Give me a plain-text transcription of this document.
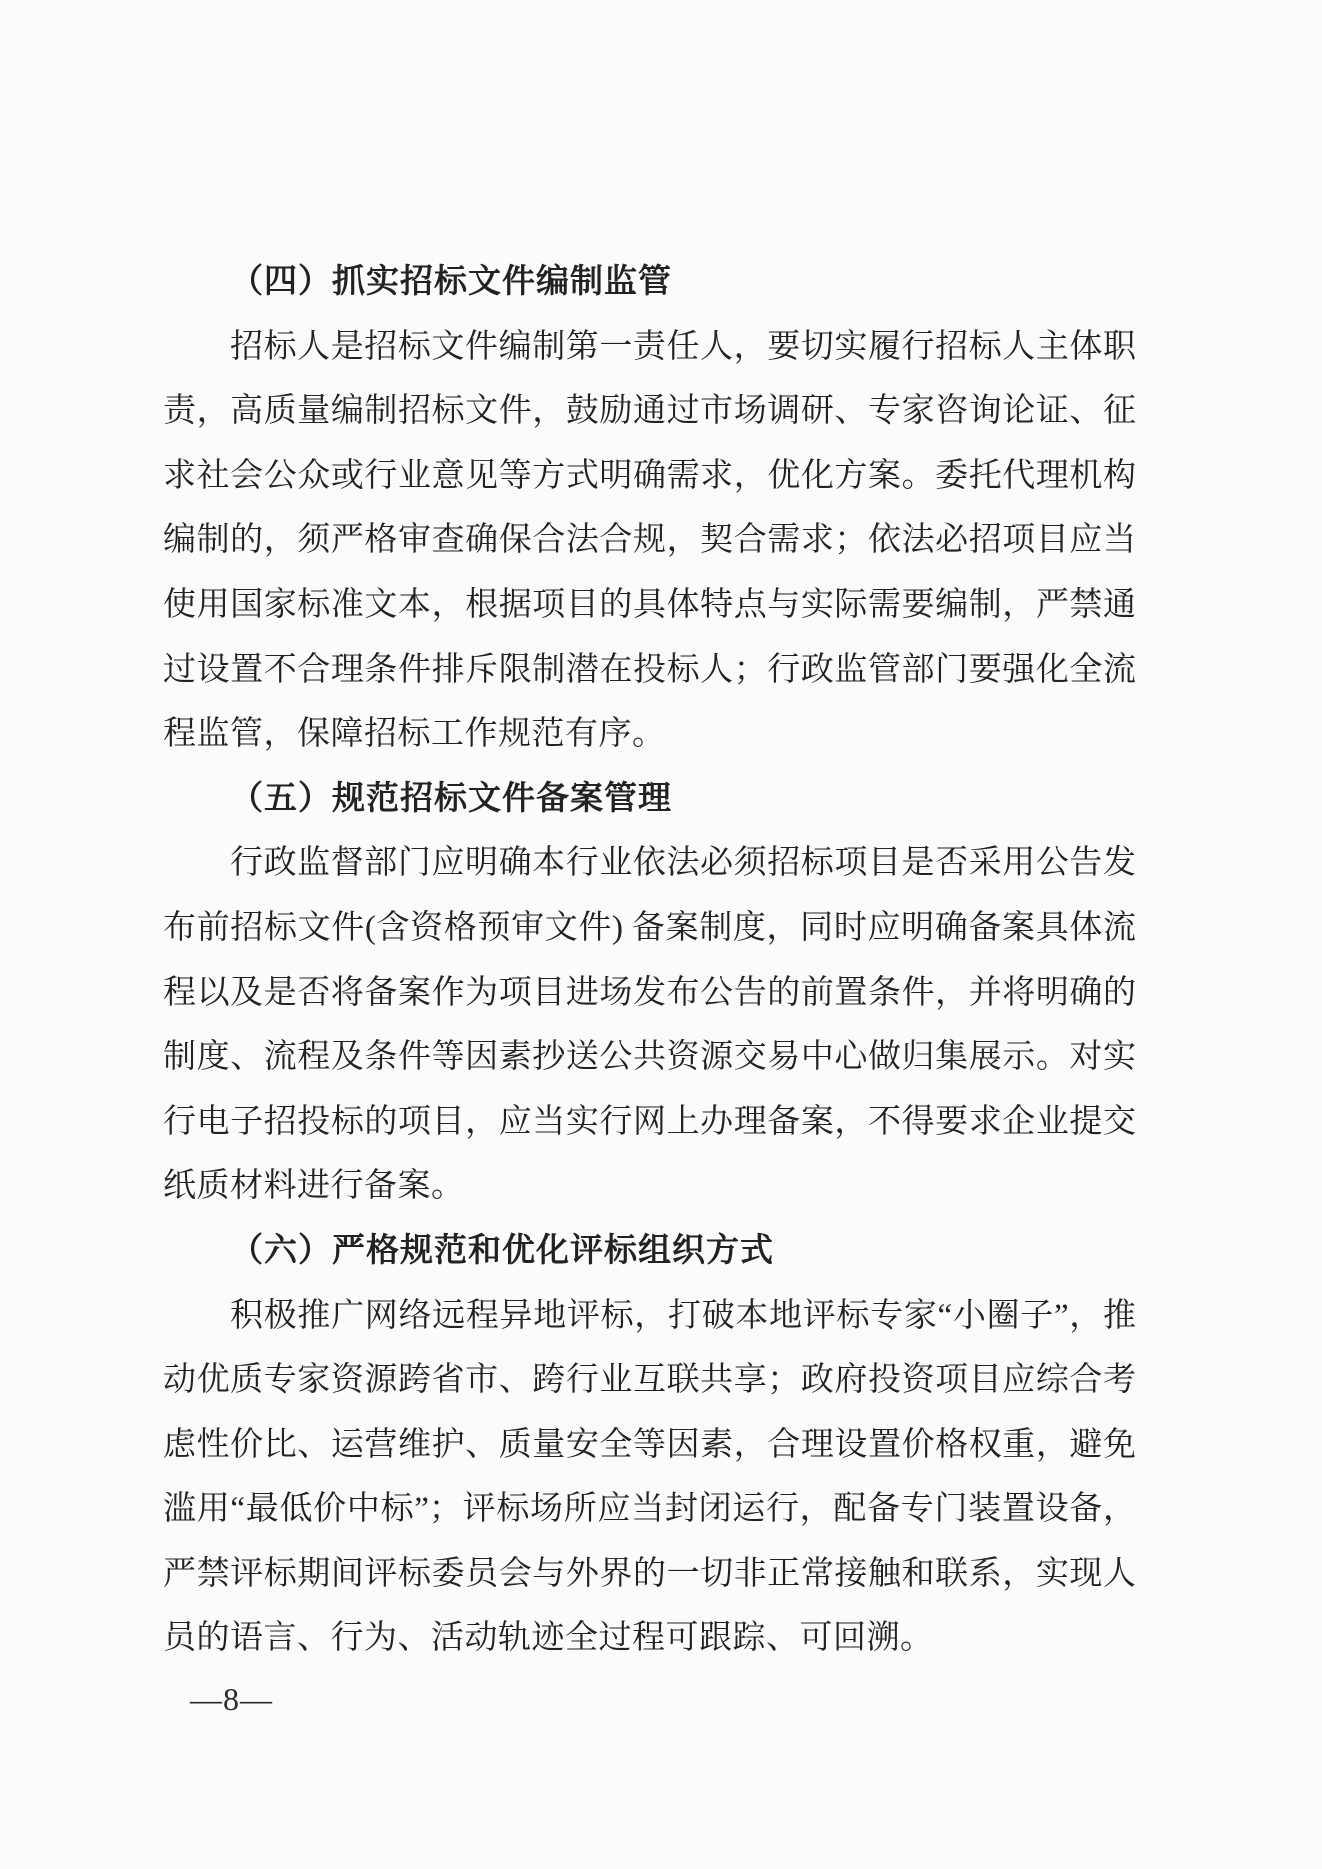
（四）抓实招标文件编制监管
招标人是招标文件编制第一责任人，要切实履行招标人主体职
责，高质量编制招标文件，鼓励通过市场调研、专家咨询论证、征
求社会公众或行业意见等方式明确需求，优化方案。委托代理机构
编制的，须严格审查确保合法合规，契合需求；依法必招项目应当
使用国家标准文本，根据项目的具体特点与实际需要编制，严禁通
过设置不合理条件排斥限制潜在投标人；行政监管部门要强化全流
程监管，保障招标工作规范有序。
（五）规范招标文件备案管理
行政监督部门应明确本行业依法必须招标项目是否采用公告发
布前招标文件(含资格预审文件) 备案制度，同时应明确备案具体流
程以及是否将备案作为项目进场发布公告的前置条件，并将明确的
制度、流程及条件等因素抄送公共资源交易中心做归集展示。对实
行电子招投标的项目，应当实行网上办理备案，不得要求企业提交
纸质材料进行备案。
（六）严格规范和优化评标组织方式
积极推广网络远程异地评标，打破本地评标专家“小圈子”，推
动优质专家资源跨省市、跨行业互联共享；政府投资项目应综合考
虑性价比、运营维护、质量安全等因素，合理设置价格权重，避免
滥用“最低价中标”；评标场所应当封闭运行，配备专门装置设备，
严禁评标期间评标委员会与外界的一切非正常接触和联系，实现人
员的语言、行为、活动轨迹全过程可跟踪、可回溯。
—8—
